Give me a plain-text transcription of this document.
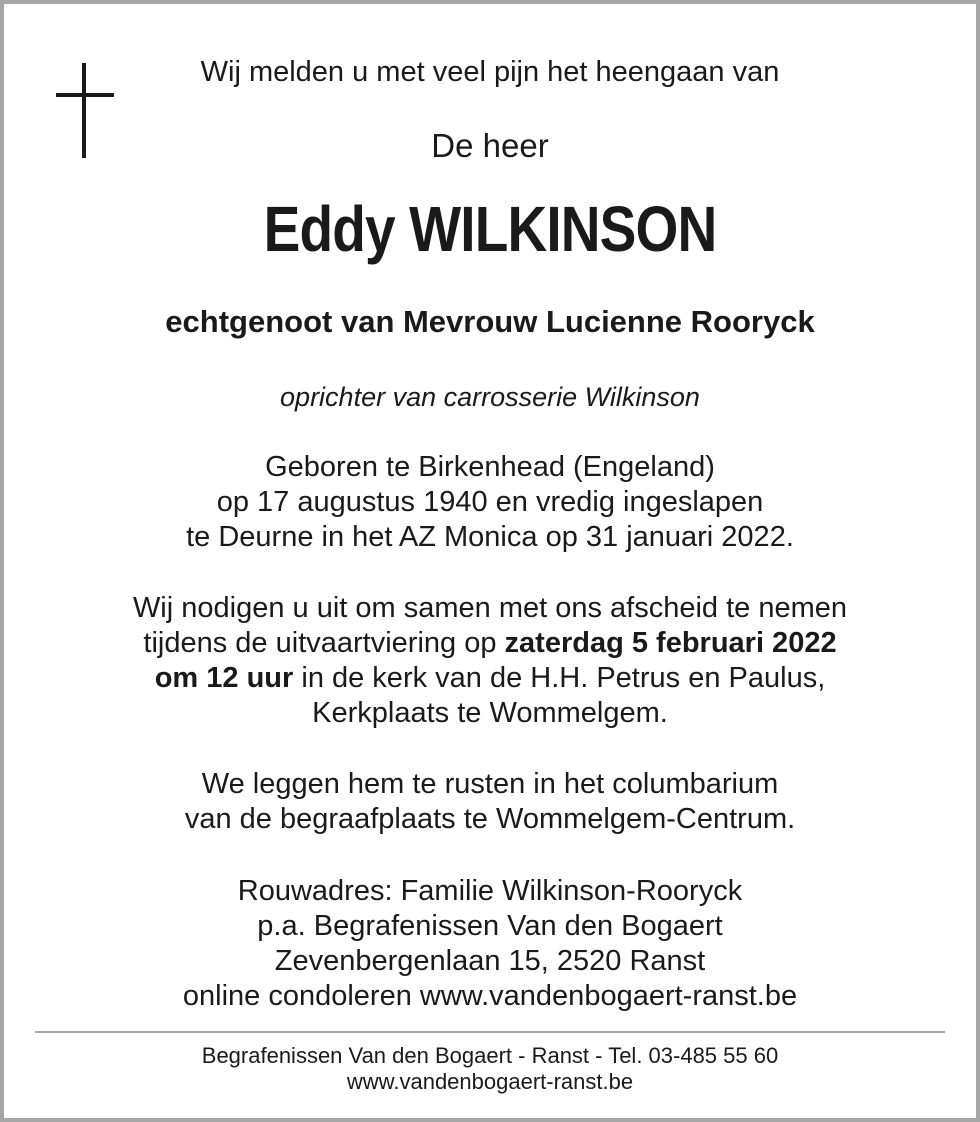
Wij melden u met veel pijn het heengaan van
De heer
Eddy WILKINSON
echtgenoot van Mevrouw Lucienne Rooryck
oprichter van carrosserie Wilkinson
Geboren te Birkenhead (Engeland)
op 17 augustus 1940 en vredig ingeslapen
te Deurne in het AZ Monica op 31 januari 2022.
Wij nodigen u uit om samen met ons afscheid te nemen
tijdens de uitvaartviering op zaterdag 5 februari 2022
om 12 uur in de kerk van de H.H. Petrus en Paulus,
Kerkplaats te Wommelgem.
We leggen hem te rusten in het columbarium
van de begraafplaats te Wommelgem-Centrum.
Rouwadres: Familie Wilkinson-Rooryck
p.a. Begrafenissen Van den Bogaert
Zevenbergenlaan 15, 2520 Ranst
online condoleren www.vandenbogaert-ranst.be
Begrafenissen Van den Bogaert - Ranst - Tel. 03-485 55 60
www.vandenbogaert-ranst.be
